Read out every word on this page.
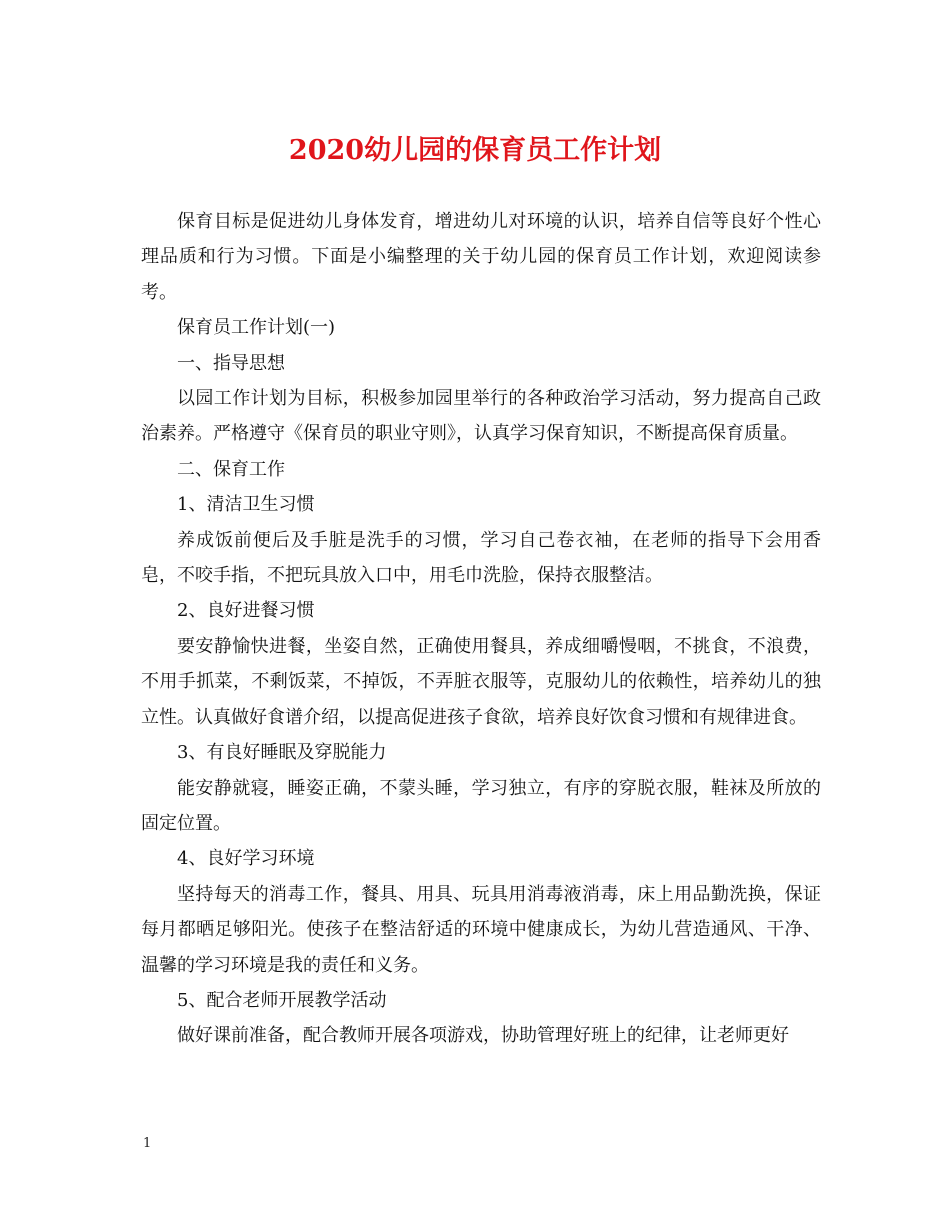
2020幼儿园的保育员工作计划

保育目标是促进幼儿身体发育，增进幼儿对环境的认识，培养自信等良好个性心理品质和行为习惯。下面是小编整理的关于幼儿园的保育员工作计划，欢迎阅读参考。

保育员工作计划(一)

一、指导思想

以园工作计划为目标，积极参加园里举行的各种政治学习活动，努力提高自己政治素养。严格遵守《保育员的职业守则》，认真学习保育知识，不断提高保育质量。

二、保育工作

1、清洁卫生习惯

养成饭前便后及手脏是洗手的习惯，学习自己卷衣袖，在老师的指导下会用香皂，不咬手指，不把玩具放入口中，用毛巾洗脸，保持衣服整洁。

2、良好进餐习惯

要安静愉快进餐，坐姿自然，正确使用餐具，养成细嚼慢咽，不挑食，不浪费，不用手抓菜，不剩饭菜，不掉饭，不弄脏衣服等，克服幼儿的依赖性，培养幼儿的独立性。认真做好食谱介绍，以提高促进孩子食欲，培养良好饮食习惯和有规律进食。

3、有良好睡眠及穿脱能力

能安静就寝，睡姿正确，不蒙头睡，学习独立，有序的穿脱衣服，鞋袜及所放的固定位置。

4、良好学习环境

坚持每天的消毒工作，餐具、用具、玩具用消毒液消毒，床上用品勤洗换，保证每月都晒足够阳光。使孩子在整洁舒适的环境中健康成长，为幼儿营造通风、干净、温馨的学习环境是我的责任和义务。

5、配合老师开展教学活动

做好课前准备，配合教师开展各项游戏，协助管理好班上的纪律，让老师更好

1
